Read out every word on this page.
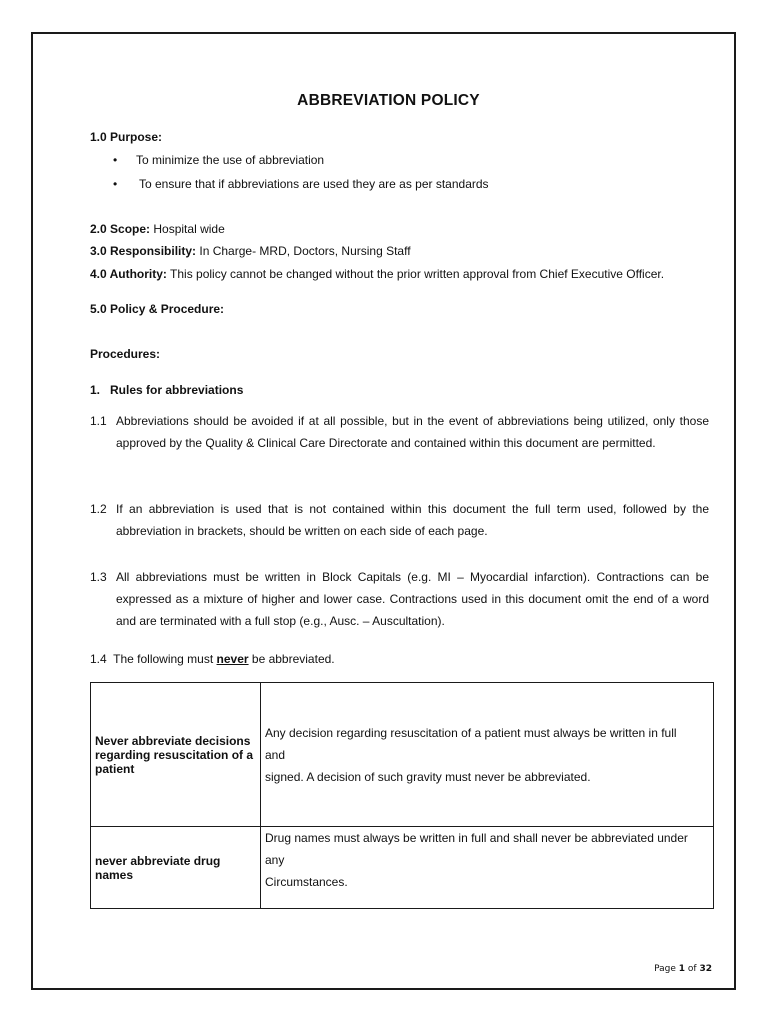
ABBREVIATION POLICY
1.0 Purpose:
• To minimize the use of abbreviation
• To ensure that if abbreviations are used they are as per standards
2.0 Scope: Hospital wide
3.0 Responsibility: In Charge- MRD, Doctors, Nursing Staff
4.0 Authority: This policy cannot be changed without the prior written approval from Chief Executive Officer.
5.0 Policy & Procedure:
Procedures:
1.   Rules for abbreviations
1.1 Abbreviations should be avoided if at all possible, but in the event of abbreviations being utilized, only those approved by the Quality & Clinical Care Directorate and contained within this document are permitted.
1.2 If an abbreviation is used that is not contained within this document the full term used, followed by the abbreviation in brackets, should be written on each side of each page.
1.3 All abbreviations must be written in Block Capitals (e.g. MI – Myocardial infarction). Contractions can be expressed as a mixture of higher and lower case. Contractions used in this document omit the end of a word and are terminated with a full stop (e.g., Ausc. – Auscultation).
1.4 The following must never be abbreviated.
Never abbreviate decisions regarding resuscitation of a patient	Any decision regarding resuscitation of a patient must always be written in full
and
signed. A decision of such gravity must never be abbreviated.

never abbreviate drug names	Drug names must always be written in full and shall never be abbreviated under
any
Circumstances.
Page 1 of 32
